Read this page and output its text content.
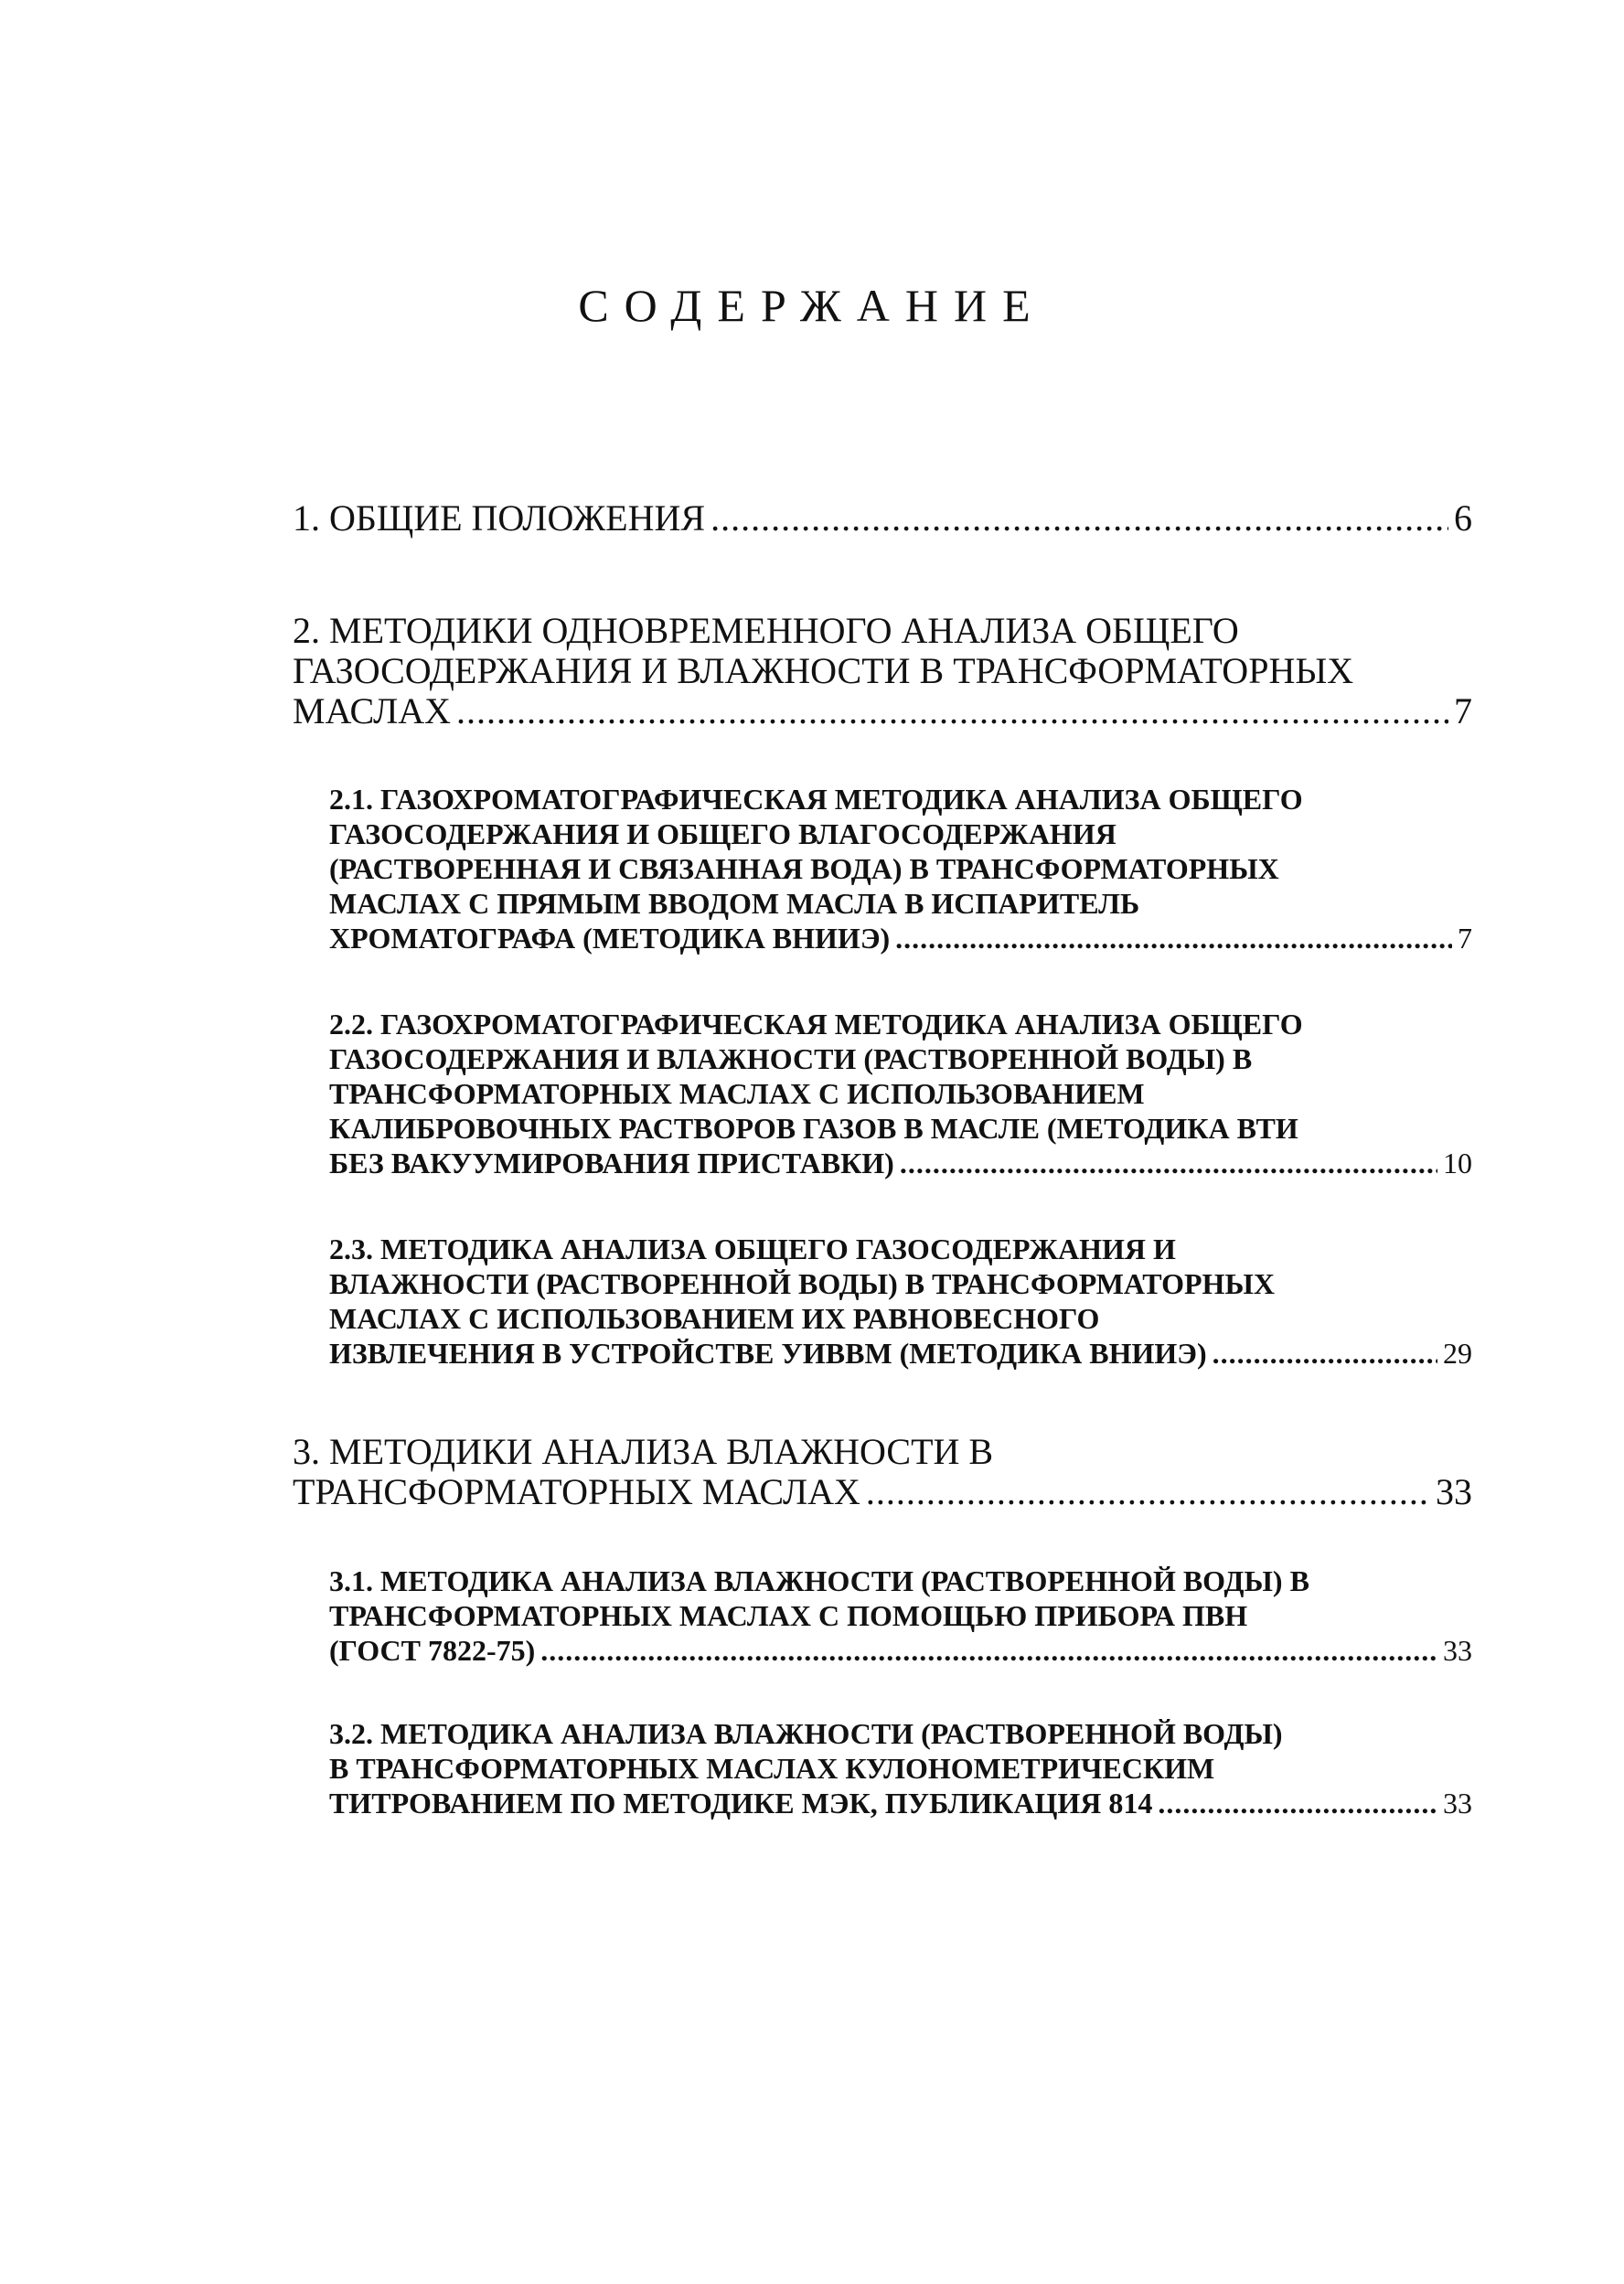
СОДЕРЖАНИЕ
1. ОБЩИЕ ПОЛОЖЕНИЯ .....	6
2. МЕТОДИКИ ОДНОВРЕМЕННОГО АНАЛИЗА ОБЩЕГО
ГАЗОСОДЕРЖАНИЯ И ВЛАЖНОСТИ В ТРАНСФОРМАТОРНЫХ
МАСЛАХ .....	7
2.1. ГАЗОХРОМАТОГРАФИЧЕСКАЯ МЕТОДИКА АНАЛИЗА ОБЩЕГО
ГАЗОСОДЕРЖАНИЯ И ОБЩЕГО ВЛАГОСОДЕРЖАНИЯ
(РАСТВОРЕННАЯ И СВЯЗАННАЯ ВОДА) В ТРАНСФОРМАТОРНЫХ
МАСЛАХ С ПРЯМЫМ ВВОДОМ МАСЛА В ИСПАРИТЕЛЬ
ХРОМАТОГРАФА (МЕТОДИКА ВНИИЭ) .....	7
2.2. ГАЗОХРОМАТОГРАФИЧЕСКАЯ МЕТОДИКА АНАЛИЗА ОБЩЕГО
ГАЗОСОДЕРЖАНИЯ И ВЛАЖНОСТИ (РАСТВОРЕННОЙ ВОДЫ) В
ТРАНСФОРМАТОРНЫХ МАСЛАХ С ИСПОЛЬЗОВАНИЕМ
КАЛИБРОВОЧНЫХ РАСТВОРОВ ГАЗОВ В МАСЛЕ (МЕТОДИКА ВТИ
БЕЗ ВАКУУМИРОВАНИЯ ПРИСТАВКИ) .....	10
2.3. МЕТОДИКА АНАЛИЗА ОБЩЕГО ГАЗОСОДЕРЖАНИЯ И
ВЛАЖНОСТИ (РАСТВОРЕННОЙ ВОДЫ) В ТРАНСФОРМАТОРНЫХ
МАСЛАХ С ИСПОЛЬЗОВАНИЕМ ИХ РАВНОВЕСНОГО
ИЗВЛЕЧЕНИЯ В УСТРОЙСТВЕ УИВВМ (МЕТОДИКА ВНИИЭ) .....	29
3. МЕТОДИКИ АНАЛИЗА ВЛАЖНОСТИ В
ТРАНСФОРМАТОРНЫХ МАСЛАХ .....	33
3.1. МЕТОДИКА АНАЛИЗА ВЛАЖНОСТИ (РАСТВОРЕННОЙ ВОДЫ) В
ТРАНСФОРМАТОРНЫХ МАСЛАХ С ПОМОЩЬЮ ПРИБОРА ПВН
(ГОСТ 7822-75) .....	33
3.2. МЕТОДИКА АНАЛИЗА ВЛАЖНОСТИ (РАСТВОРЕННОЙ ВОДЫ)
В ТРАНСФОРМАТОРНЫХ МАСЛАХ КУЛОНОМЕТРИЧЕСКИМ
ТИТРОВАНИЕМ ПО МЕТОДИКЕ МЭК, ПУБЛИКАЦИЯ 814 .....	33
